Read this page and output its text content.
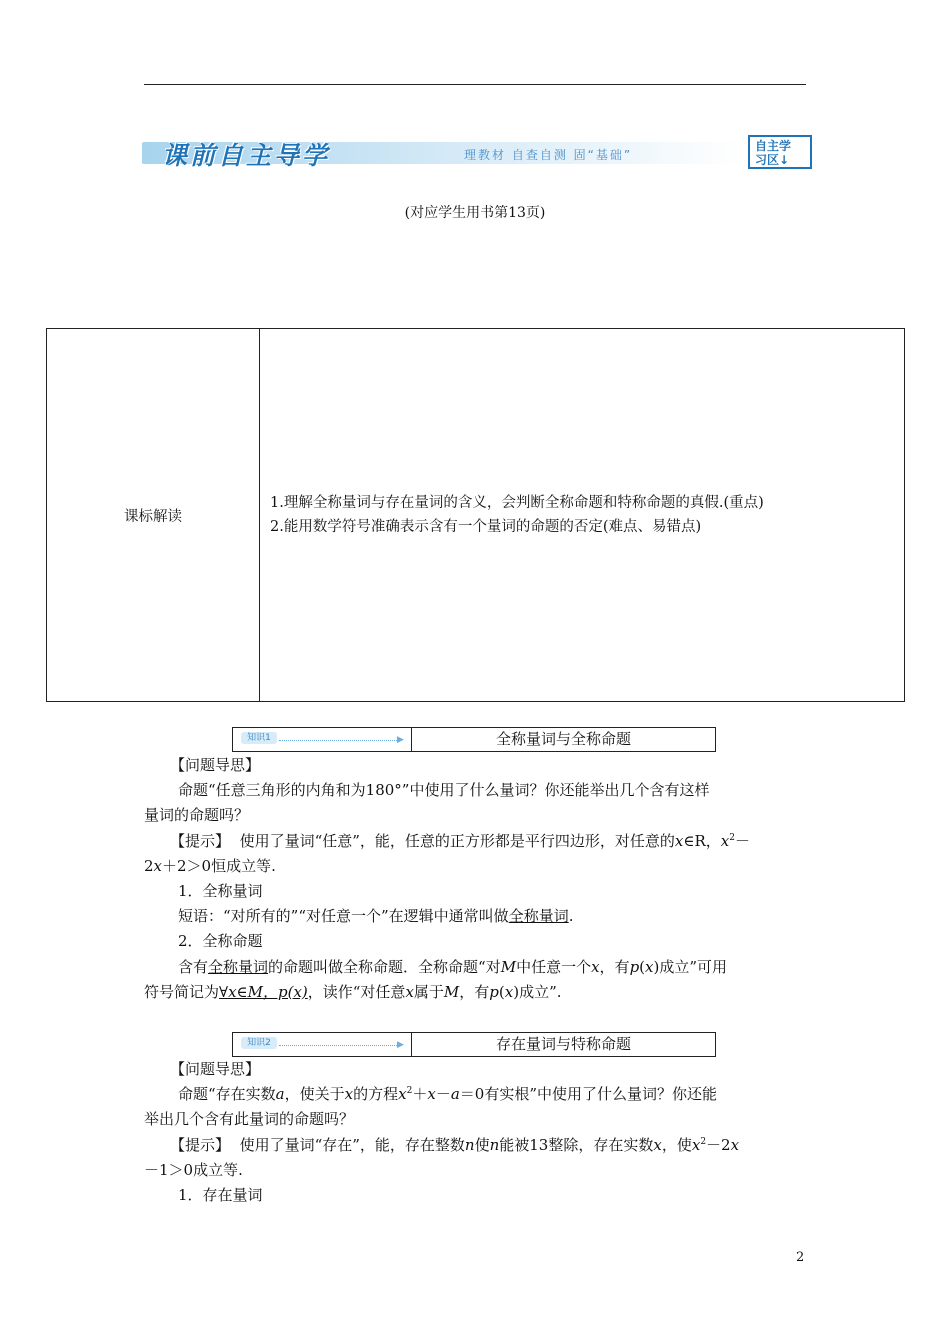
课前自主导学	理教材 自查自测 固“基础”
自主学
习区↓
(对应学生用书第13页)
课标解读	
1.理解全称量词与存在量词的含义，会判断全称命题和特称命题的真假.(重点)
2.能用数学符号准确表示含有一个量词的命题的否定(难点、易错点)
知识1	▶	全称量词与全称命题
【问题导思】
命题“任意三角形的内角和为180°”中使用了什么量词？你还能举出几个含有这样
量词的命题吗？
【提示】 使用了量词“任意”，能，任意的正方形都是平行四边形，对任意的x∈R，$x^2-$
2x＋2＞0恒成立等.
1．全称量词
短语：“对所有的”“对任意一个”在逻辑中通常叫做全称量词.
2．全称命题
含有全称量词的命题叫做全称命题．全称命题“对M中任意一个x，有p(x)成立”可用
符号简记为∀x∈M，p(x)，读作“对任意x属于M，有p(x)成立”.
知识2	▶	存在量词与特称命题
【问题导思】
命题“存在实数a，使关于x的方程$x^2+x-a=0$有实根”中使用了什么量词？你还能
举出几个含有此量词的命题吗？
【提示】 使用了量词“存在”，能，存在整数n使n能被13整除，存在实数x，使$x^2-2x$
－1＞0成立等.
1．存在量词
2
